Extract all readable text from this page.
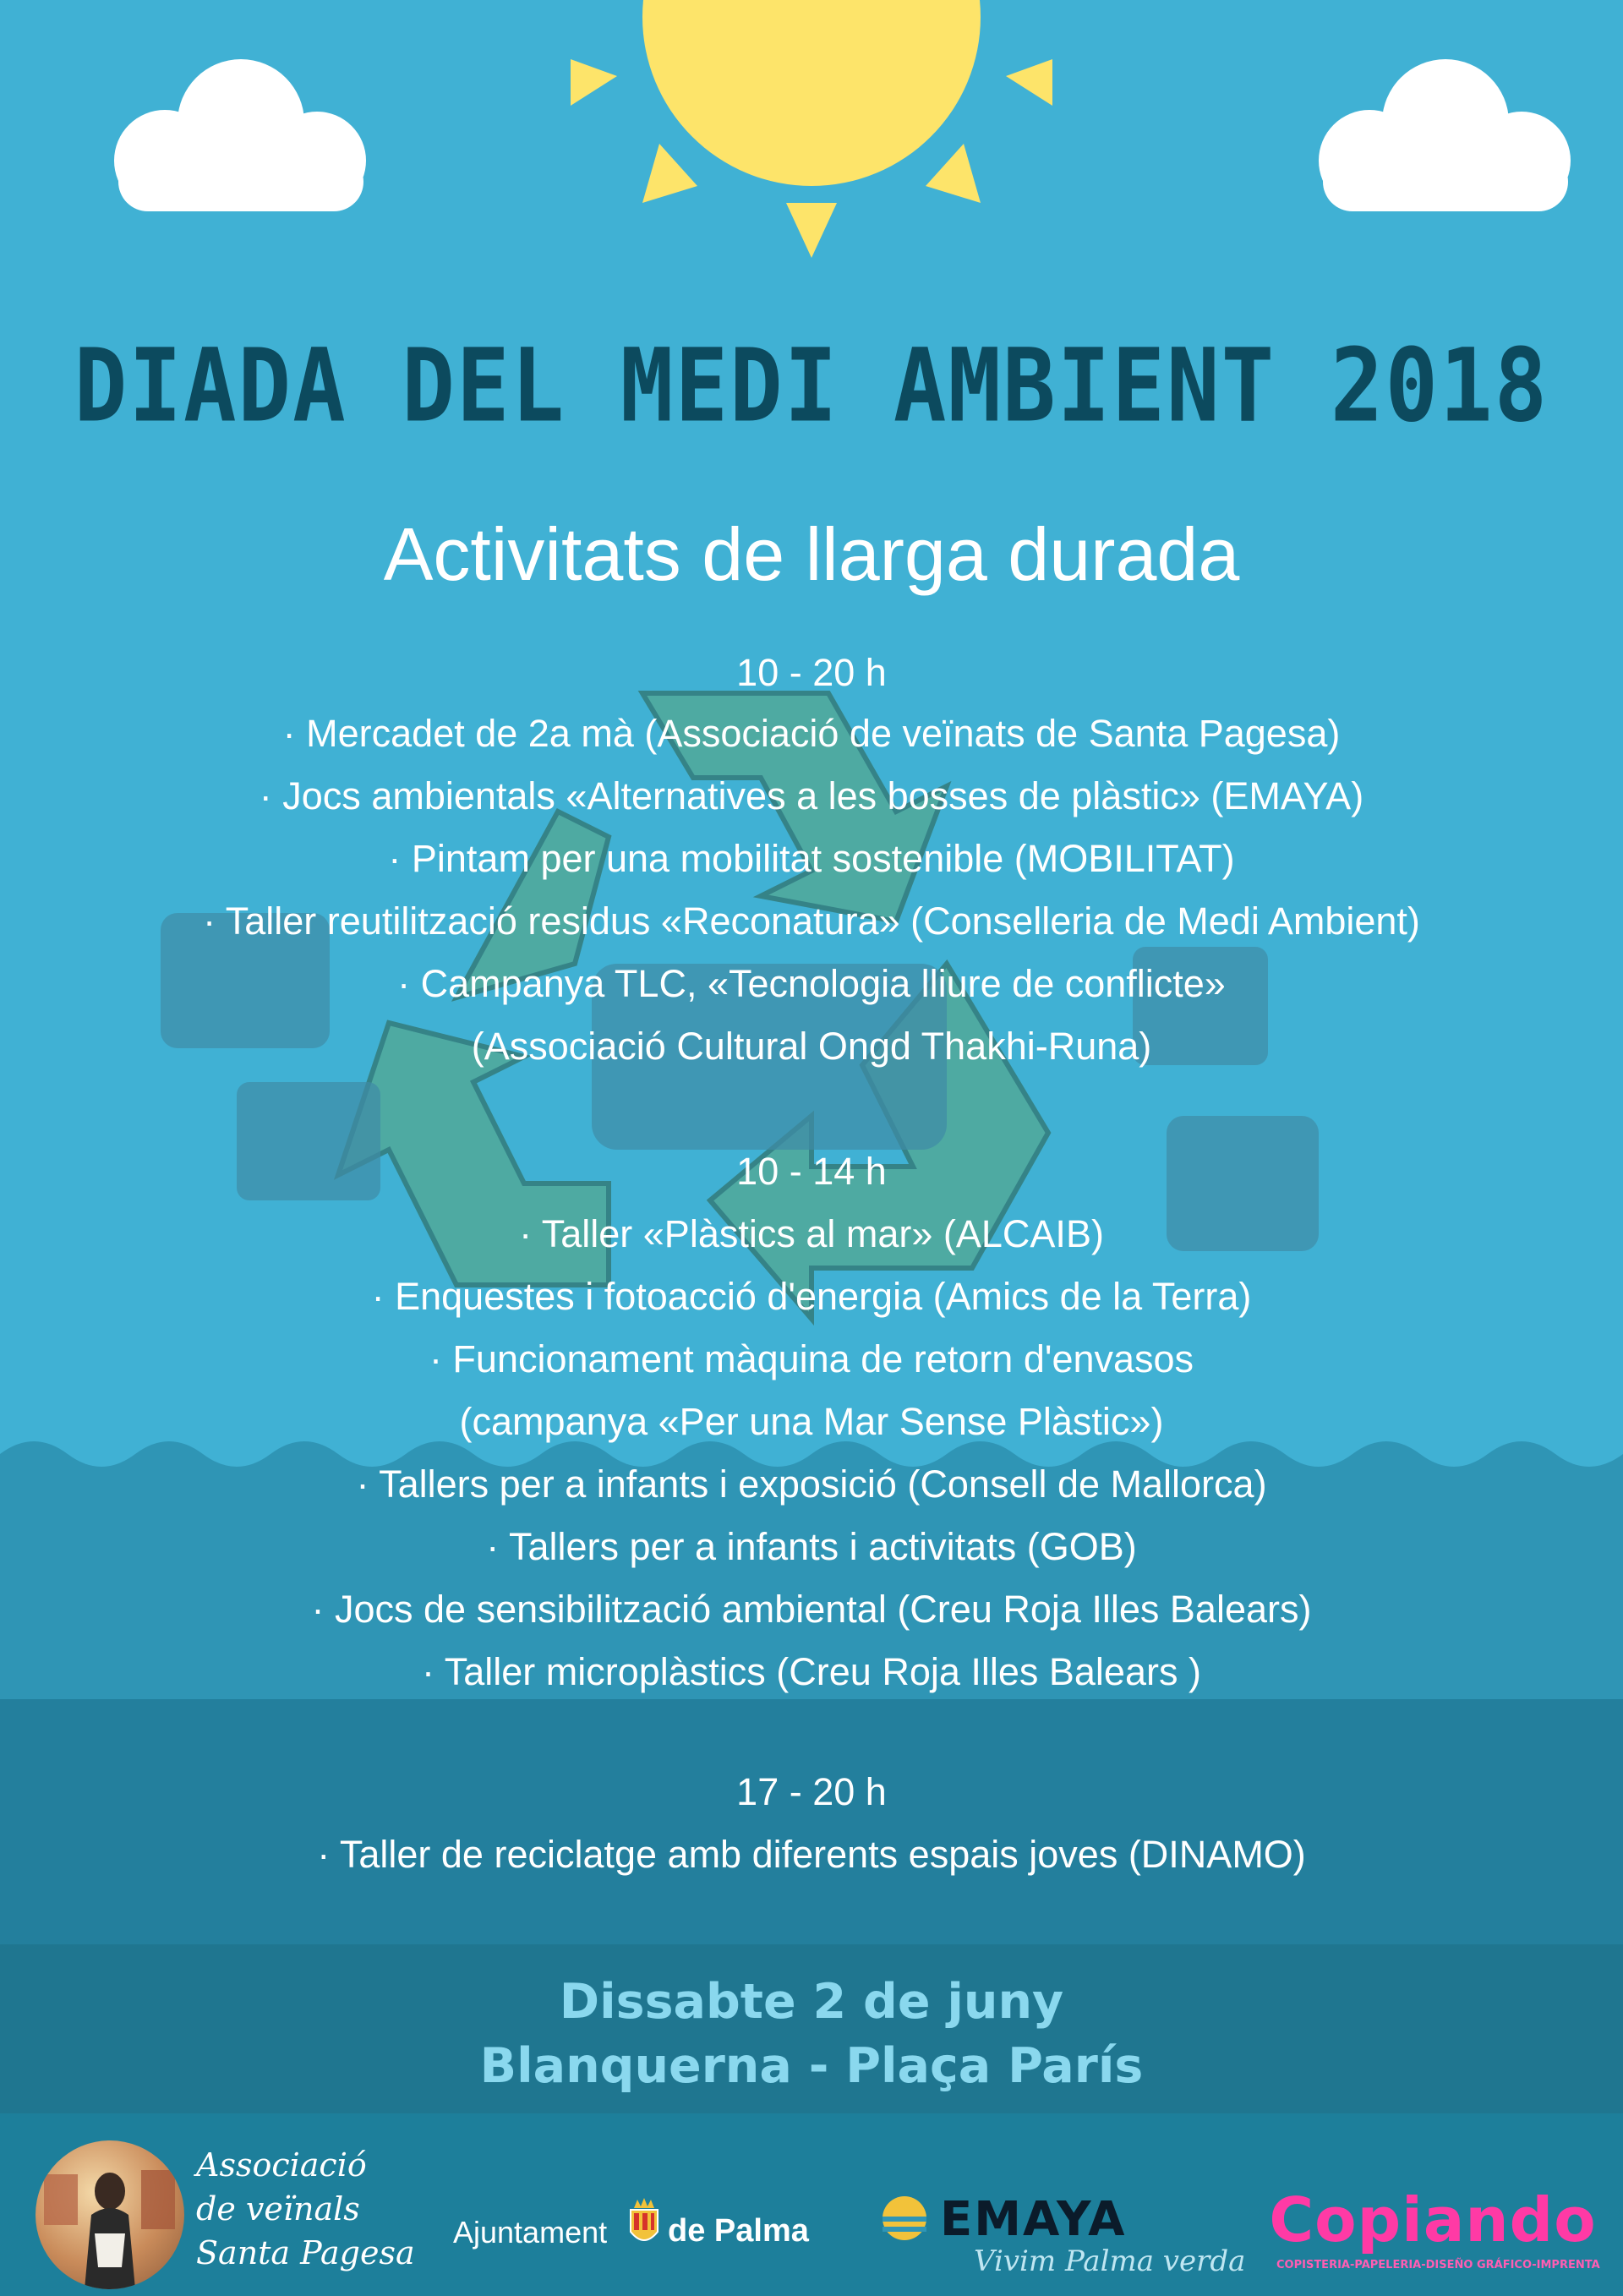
DIADA DEL MEDI AMBIENT 2018
Activitats de llarga durada
10 - 20 h
· Mercadet de 2a mà (Associació de veïnats de Santa Pagesa)
· Jocs ambientals «Alternatives a les bosses de plàstic» (EMAYA)
· Pintam per una mobilitat sostenible (MOBILITAT)
· Taller reutilització residus «Reconatura» (Conselleria de Medi Ambient)
· Campanya TLC, «Tecnologia lliure de conflicte»
(Associació Cultural Ongd Thakhi-Runa)
10 - 14 h
· Taller «Plàstics al mar» (ALCAIB)
· Enquestes i fotoacció d'energia (Amics de la Terra)
· Funcionament màquina de retorn d'envasos
(campanya «Per una Mar Sense Plàstic»)
· Tallers per a infants i exposició (Consell de Mallorca)
· Tallers per a infants i activitats (GOB)
· Jocs de sensibilització ambiental (Creu Roja Illes Balears)
· Taller microplàstics (Creu Roja Illes Balears )
17 - 20 h
· Taller de reciclatge amb diferents espais joves (DINAMO)
Dissabte 2 de juny
Blanquerna - Plaça París
Associació
de veïnals
Santa Pagesa
Ajuntament de Palma	EMAYA
Vivim Palma verda
Copiando
COPISTERIA-PAPELERIA-DISEÑO GRÁFICO-IMPRENTA
